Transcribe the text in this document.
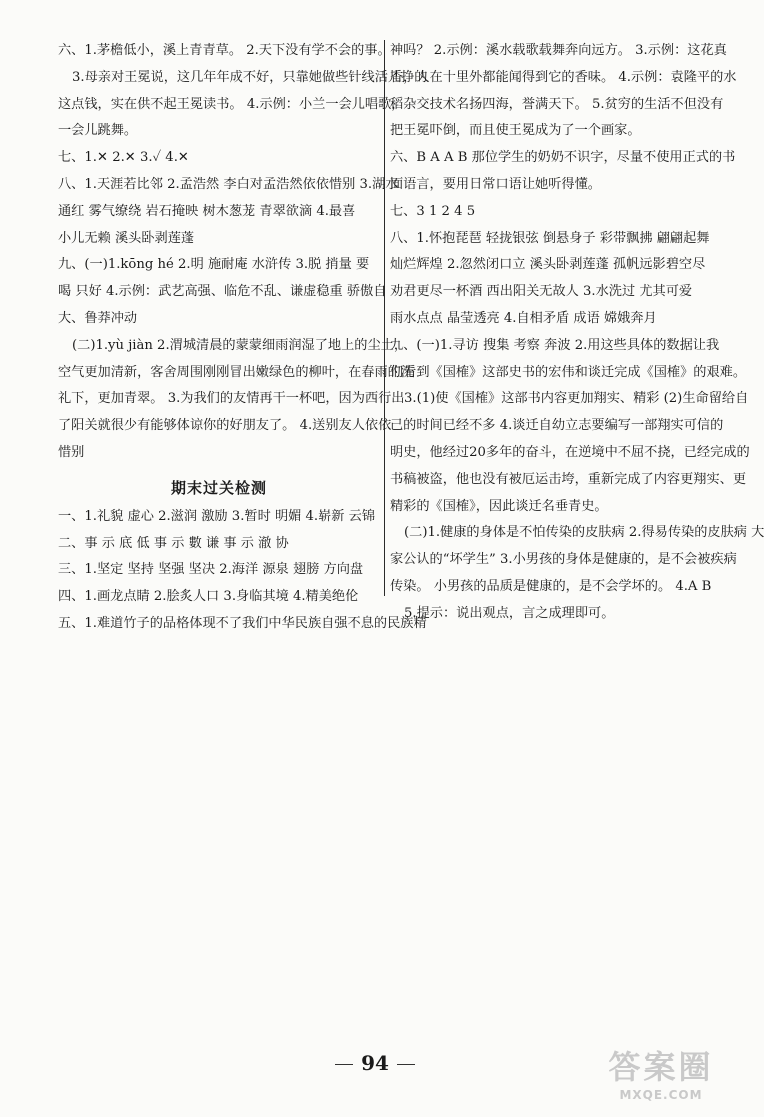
六、1.茅檐低小，溪上青青草。 2.天下没有学不会的事。
3.母亲对王冕说，这几年年成不好，只靠她做些针线活儿挣的
这点钱，实在供不起王冕读书。 4.示例：小兰一会儿唱歌，
一会儿跳舞。
七、1.✕ 2.✕ 3.✓ 4.✕
八、1.天涯若比邻 2.孟浩然 李白对孟浩然依依惜别 3.湖水
通红 雾气缭绕 岩石掩映 树木葱茏 青翠欲滴 4.最喜
小儿无赖 溪头卧剥莲蓬
九、(一)1.kōng hé 2.明 施耐庵 水浒传 3.脱 捎量 要
喝 只好 4.示例：武艺高强、临危不乱、谦虚稳重 骄傲自
大、鲁莽冲动
(二)1.yù jiàn 2.渭城清晨的蒙蒙细雨润湿了地上的尘土，
空气更加清新，客舍周围刚刚冒出嫩绿色的柳叶，在春雨的洗
礼下，更加青翠。 3.为我们的友情再干一杯吧，因为西行出
了阳关就很少有能够体谅你的好朋友了。 4.送别友人依依
惜别
期末过关检测
一、1.礼貌 虚心 2.滋润 激励 3.暂时 明媚 4.崭新 云锦
二、事 示 底 低 事 示 數 谦 事 示 澈 协
三、1.坚定 坚持 坚强 坚决 2.海洋 源泉 翅膀 方向盘
四、1.画龙点睛 2.脍炙人口 3.身临其境 4.精美绝伦
五、1.难道竹子的品格体现不了我们中华民族自强不息的民族精
神吗？ 2.示例：溪水载歌载舞奔向远方。 3.示例：这花真
香，人在十里外都能闻得到它的香味。 4.示例：袁隆平的水
稻杂交技术名扬四海，誉满天下。 5.贫穷的生活不但没有
把王冕吓倒，而且使王冕成为了一个画家。
六、B A A B 那位学生的奶奶不识字，尽量不使用正式的书
面语言，要用日常口语让她听得懂。
七、3 1 2 4 5
八、1.怀抱琵琶 轻拢银弦 倒悬身子 彩带飘拂 翩翩起舞
灿烂辉煌 2.忽然闭口立 溪头卧剥莲蓬 孤帆远影碧空尽
劝君更尽一杯酒 西出阳关无故人 3.水洗过 尤其可爱
雨水点点 晶莹透亮 4.自相矛盾 成语 嫦娥奔月
九、(一)1.寻访 搜集 考察 奔波 2.用这些具体的数据让我
们看到《国榷》这部史书的宏伟和谈迁完成《国榷》的艰难。
3.(1)使《国榷》这部书内容更加翔实、精彩 (2)生命留给自
己的时间已经不多 4.谈迁自幼立志要编写一部翔实可信的
明史，他经过20多年的奋斗，在逆境中不屈不挠，已经完成的
书稿被盗，他也没有被厄运击垮，重新完成了内容更翔实、更
精彩的《国榷》，因此谈迁名垂青史。
(二)1.健康的身体是不怕传染的皮肤病 2.得易传染的皮肤病 大
家公认的“坏学生” 3.小男孩的身体是健康的，是不会被疾病
传染。 小男孩的品质是健康的，是不会学坏的。 4.A B
5.提示：说出观点，言之成理即可。
94	答案圈
MXQE.COM
